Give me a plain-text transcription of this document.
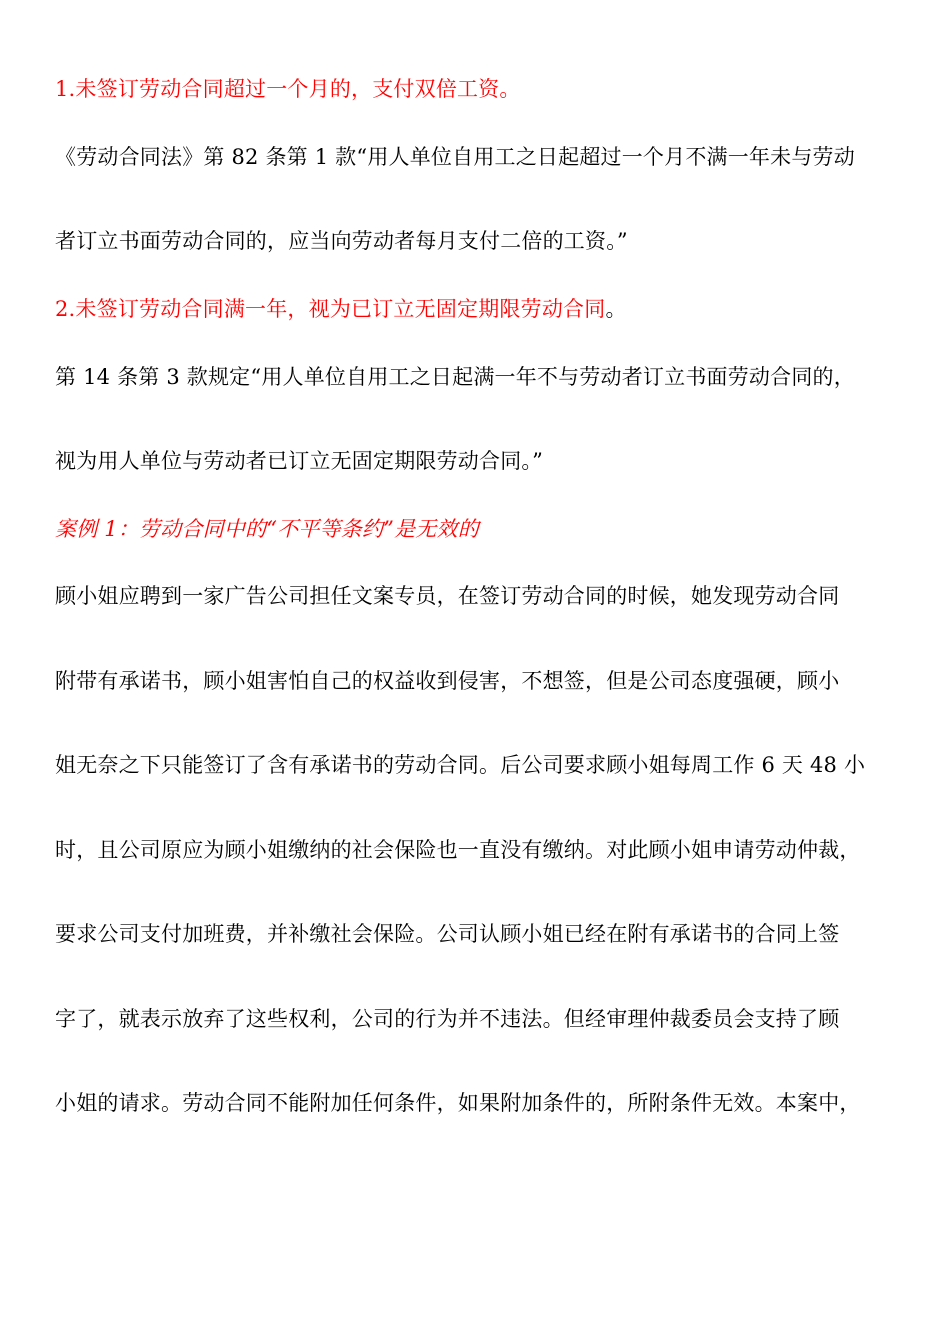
1.未签订劳动合同超过一个月的，支付双倍工资。
《劳动合同法》第 82 条第 1 款“用人单位自用工之日起超过一个月不满一年未与劳动
者订立书面劳动合同的，应当向劳动者每月支付二倍的工资。”
2.未签订劳动合同满一年，视为已订立无固定期限劳动合同。
第 14 条第 3 款规定“用人单位自用工之日起满一年不与劳动者订立书面劳动合同的，
视为用人单位与劳动者已订立无固定期限劳动合同。”
案例 1：劳动合同中的“不平等条约”是无效的
顾小姐应聘到一家广告公司担任文案专员，在签订劳动合同的时候，她发现劳动合同
附带有承诺书，顾小姐害怕自己的权益收到侵害，不想签，但是公司态度强硬，顾小
姐无奈之下只能签订了含有承诺书的劳动合同。后公司要求顾小姐每周工作 6 天 48 小
时，且公司原应为顾小姐缴纳的社会保险也一直没有缴纳。对此顾小姐申请劳动仲裁，
要求公司支付加班费，并补缴社会保险。公司认顾小姐已经在附有承诺书的合同上签
字了，就表示放弃了这些权利，公司的行为并不违法。但经审理仲裁委员会支持了顾
小姐的请求。劳动合同不能附加任何条件，如果附加条件的，所附条件无效。本案中，
